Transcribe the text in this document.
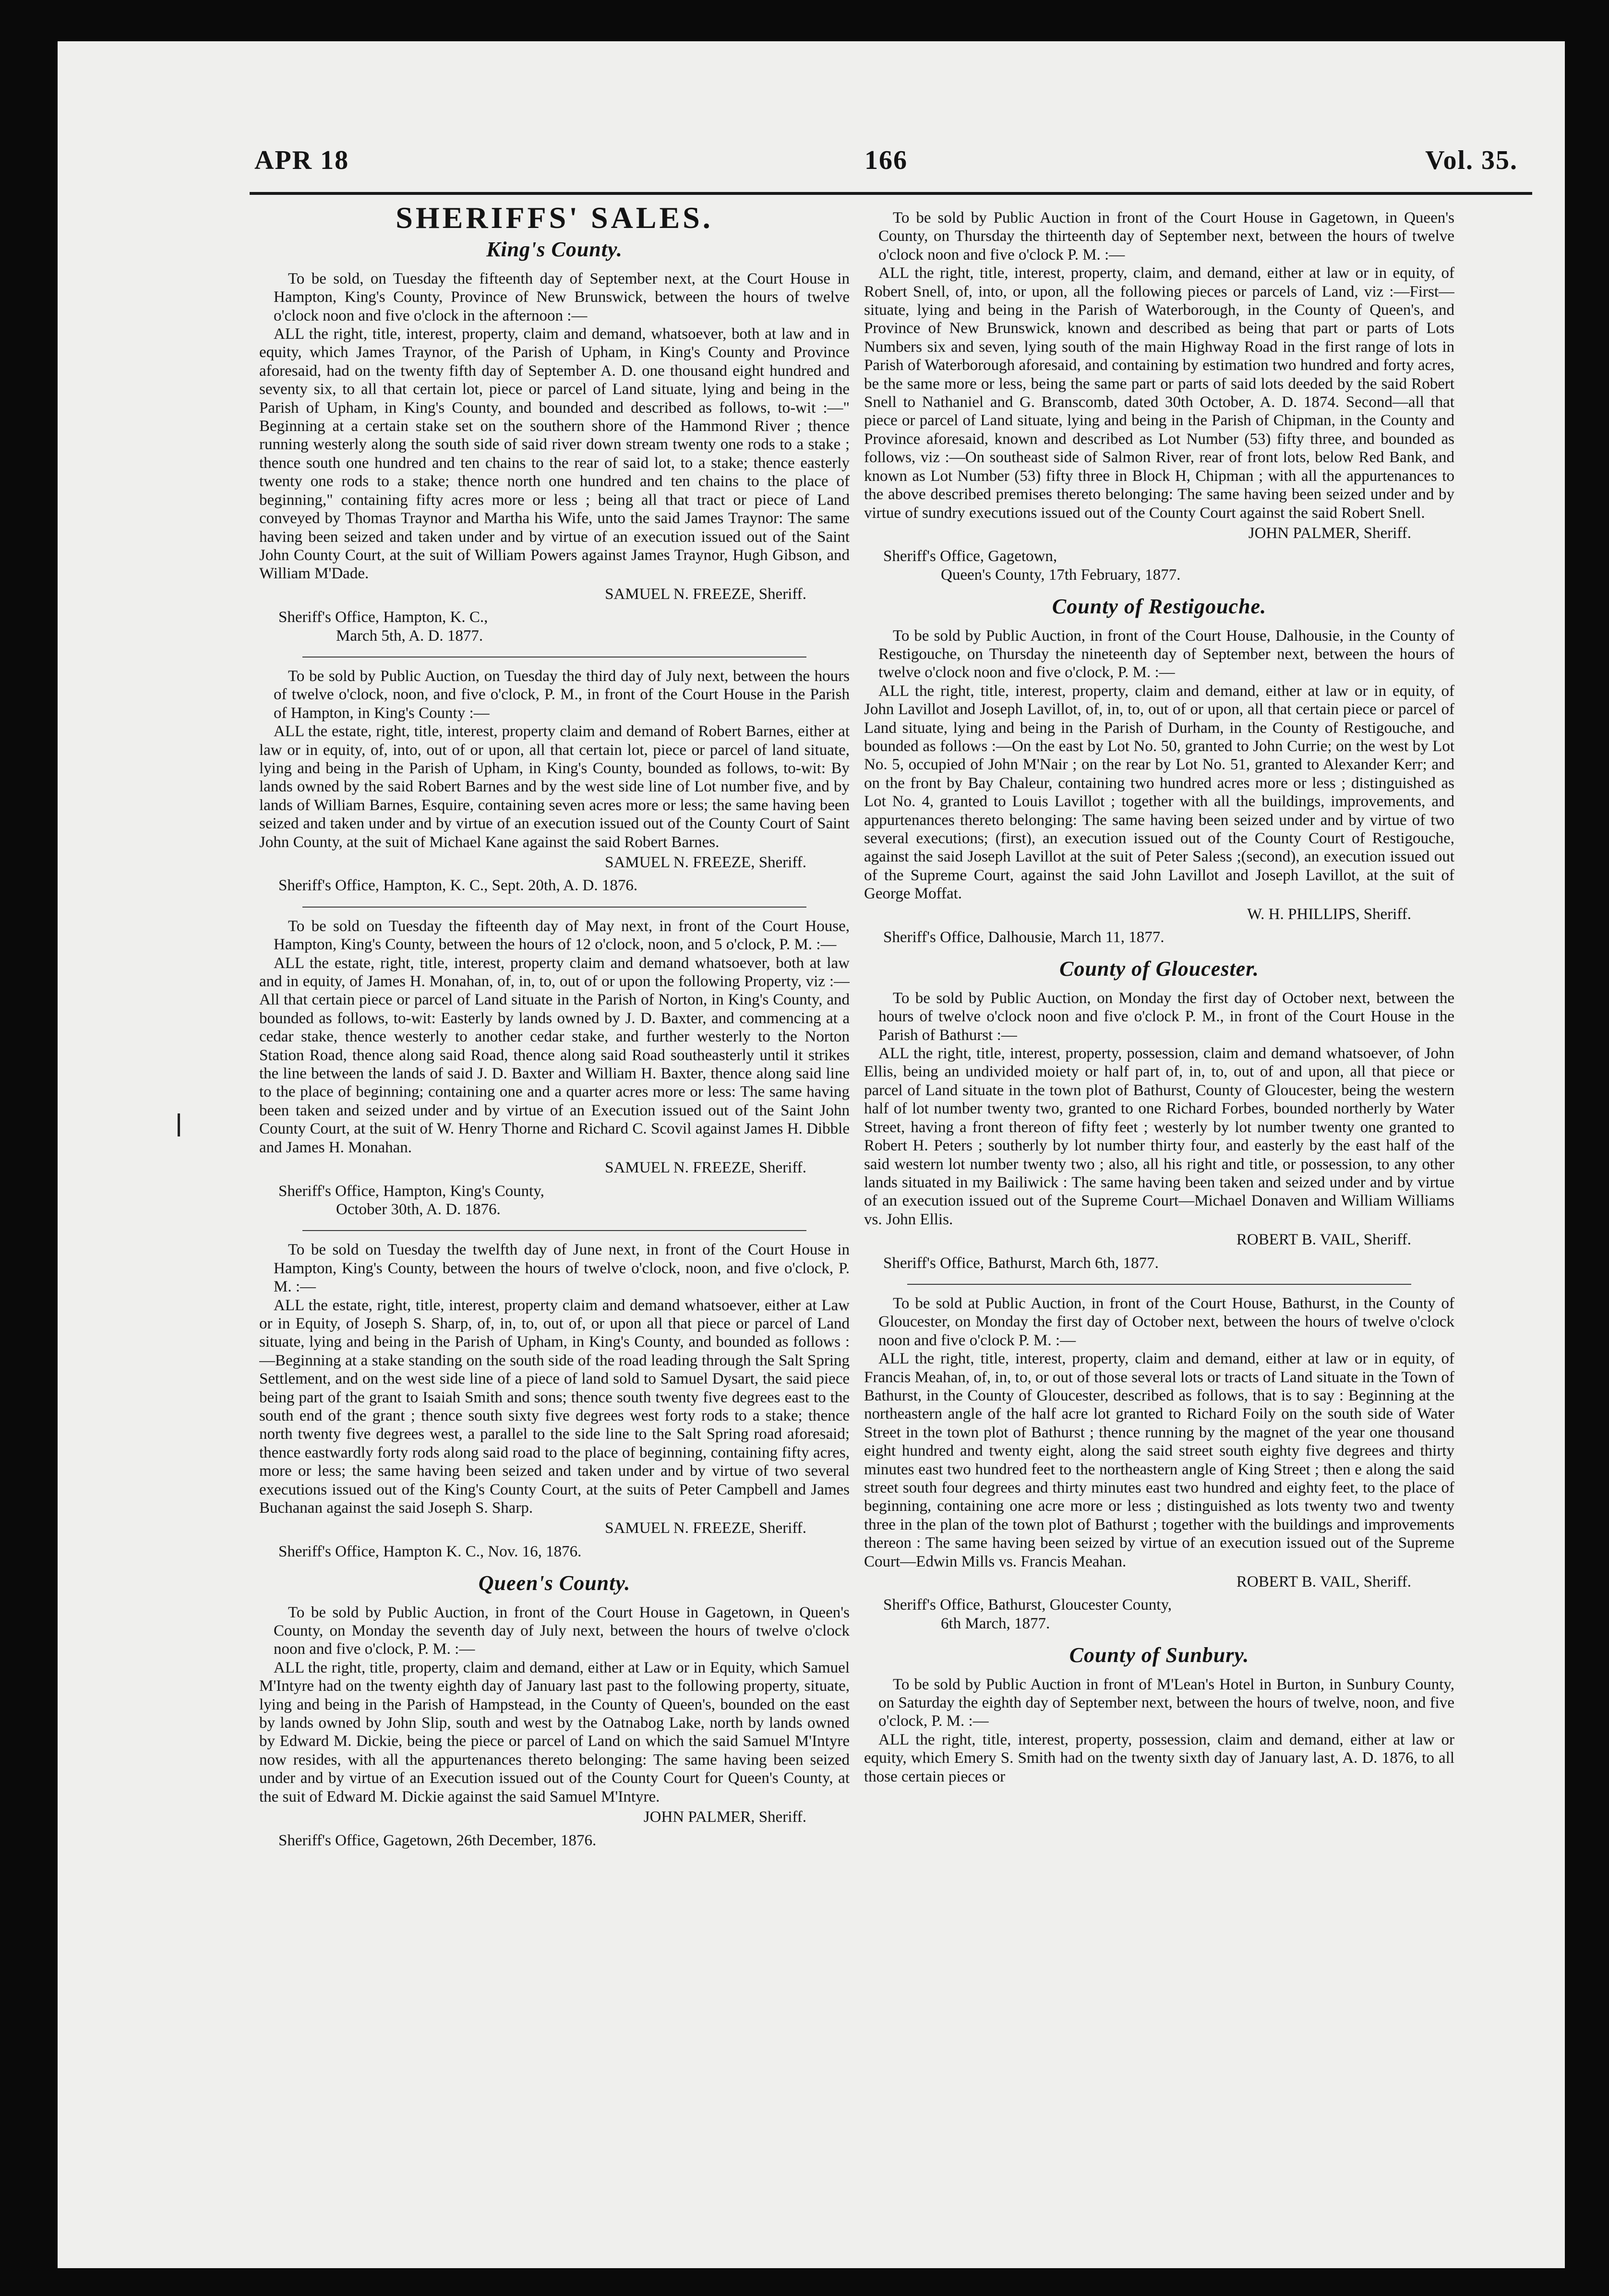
APR 18	166	Vol. 35.
SHERIFFS' SALES.
King's County.

To be sold, on Tuesday the fifteenth day of September next, at the Court House in Hampton, King's County, Province of New Brunswick, between the hours of twelve o'clock noon and five o'clock in the afternoon :—

ALL the right, title, interest, property, claim and demand, whatsoever, both at law and in equity, which James Traynor, of the Parish of Upham, in King's County and Province aforesaid, had on the twenty fifth day of September A. D. one thousand eight hundred and seventy six, to all that certain lot, piece or parcel of Land situate, lying and being in the Parish of Upham, in King's County, and bounded and described as follows, to-wit :—" Beginning at a certain stake set on the southern shore of the Hammond River ; thence running westerly along the south side of said river down stream twenty one rods to a stake ; thence south one hundred and ten chains to the rear of said lot, to a stake; thence easterly twenty one rods to a stake; thence north one hundred and ten chains to the place of beginning," containing fifty acres more or less ; being all that tract or piece of Land conveyed by Thomas Traynor and Martha his Wife, unto the said James Traynor: The same having been seized and taken under and by virtue of an execution issued out of the Saint John County Court, at the suit of William Powers against James Traynor, Hugh Gibson, and William M'Dade.

SAMUEL N. FREEZE, Sheriff.

Sheriff's Office, Hampton, K. C.,

March 5th, A. D. 1877.

To be sold by Public Auction, on Tuesday the third day of July next, between the hours of twelve o'clock, noon, and five o'clock, P. M., in front of the Court House in the Parish of Hampton, in King's County :—

ALL the estate, right, title, interest, property claim and demand of Robert Barnes, either at law or in equity, of, into, out of or upon, all that certain lot, piece or parcel of land situate, lying and being in the Parish of Upham, in King's County, bounded as follows, to-wit: By lands owned by the said Robert Barnes and by the west side line of Lot number five, and by lands of William Barnes, Esquire, containing seven acres more or less; the same having been seized and taken under and by virtue of an execution issued out of the County Court of Saint John County, at the suit of Michael Kane against the said Robert Barnes.

SAMUEL N. FREEZE, Sheriff.

Sheriff's Office, Hampton, K. C., Sept. 20th, A. D. 1876.

To be sold on Tuesday the fifteenth day of May next, in front of the Court House, Hampton, King's County, between the hours of 12 o'clock, noon, and 5 o'clock, P. M. :—

ALL the estate, right, title, interest, property claim and demand whatsoever, both at law and in equity, of James H. Monahan, of, in, to, out of or upon the following Property, viz :—All that certain piece or parcel of Land situate in the Parish of Norton, in King's County, and bounded as follows, to-wit: Easterly by lands owned by J. D. Baxter, and commencing at a cedar stake, thence westerly to another cedar stake, and further westerly to the Norton Station Road, thence along said Road, thence along said Road southeasterly until it strikes the line between the lands of said J. D. Baxter and William H. Baxter, thence along said line to the place of beginning; containing one and a quarter acres more or less: The same having been taken and seized under and by virtue of an Execution issued out of the Saint John County Court, at the suit of W. Henry Thorne and Richard C. Scovil against James H. Dibble and James H. Monahan.

SAMUEL N. FREEZE, Sheriff.

Sheriff's Office, Hampton, King's County,

October 30th, A. D. 1876.

To be sold on Tuesday the twelfth day of June next, in front of the Court House in Hampton, King's County, between the hours of twelve o'clock, noon, and five o'clock, P. M. :—

ALL the estate, right, title, interest, property claim and demand whatsoever, either at Law or in Equity, of Joseph S. Sharp, of, in, to, out of, or upon all that piece or parcel of Land situate, lying and being in the Parish of Upham, in King's County, and bounded as follows :—Beginning at a stake standing on the south side of the road leading through the Salt Spring Settlement, and on the west side line of a piece of land sold to Samuel Dysart, the said piece being part of the grant to Isaiah Smith and sons; thence south twenty five degrees east to the south end of the grant ; thence south sixty five degrees west forty rods to a stake; thence north twenty five degrees west, a parallel to the side line to the Salt Spring road aforesaid; thence eastwardly forty rods along said road to the place of beginning, containing fifty acres, more or less; the same having been seized and taken under and by virtue of two several executions issued out of the King's County Court, at the suits of Peter Campbell and James Buchanan against the said Joseph S. Sharp.

SAMUEL N. FREEZE, Sheriff.

Sheriff's Office, Hampton K. C., Nov. 16, 1876.

Queen's County.

To be sold by Public Auction, in front of the Court House in Gagetown, in Queen's County, on Monday the seventh day of July next, between the hours of twelve o'clock noon and five o'clock, P. M. :—

ALL the right, title, property, claim and demand, either at Law or in Equity, which Samuel M'Intyre had on the twenty eighth day of January last past to the following property, situate, lying and being in the Parish of Hampstead, in the County of Queen's, bounded on the east by lands owned by John Slip, south and west by the Oatnabog Lake, north by lands owned by Edward M. Dickie, being the piece or parcel of Land on which the said Samuel M'Intyre now resides, with all the appurtenances thereto belonging: The same having been seized under and by virtue of an Execution issued out of the County Court for Queen's County, at the suit of Edward M. Dickie against the said Samuel M'Intyre.

JOHN PALMER, Sheriff.

Sheriff's Office, Gagetown, 26th December, 1876.

To be sold by Public Auction in front of the Court House in Gagetown, in Queen's County, on Thursday the thirteenth day of September next, between the hours of twelve o'clock noon and five o'clock P. M. :—

ALL the right, title, interest, property, claim, and demand, either at law or in equity, of Robert Snell, of, into, or upon, all the following pieces or parcels of Land, viz :—First—situate, lying and being in the Parish of Waterborough, in the County of Queen's, and Province of New Brunswick, known and described as being that part or parts of Lots Numbers six and seven, lying south of the main Highway Road in the first range of lots in Parish of Waterborough aforesaid, and containing by estimation two hundred and forty acres, be the same more or less, being the same part or parts of said lots deeded by the said Robert Snell to Nathaniel and G. Branscomb, dated 30th October, A. D. 1874. Second—all that piece or parcel of Land situate, lying and being in the Parish of Chipman, in the County and Province aforesaid, known and described as Lot Number (53) fifty three, and bounded as follows, viz :—On southeast side of Salmon River, rear of front lots, below Red Bank, and known as Lot Number (53) fifty three in Block H, Chipman ; with all the appurtenances to the above described premises thereto belonging: The same having been seized under and by virtue of sundry executions issued out of the County Court against the said Robert Snell.

JOHN PALMER, Sheriff.

Sheriff's Office, Gagetown,

Queen's County, 17th February, 1877.

County of Restigouche.

To be sold by Public Auction, in front of the Court House, Dalhousie, in the County of Restigouche, on Thursday the nineteenth day of September next, between the hours of twelve o'clock noon and five o'clock, P. M. :—

ALL the right, title, interest, property, claim and demand, either at law or in equity, of John Lavillot and Joseph Lavillot, of, in, to, out of or upon, all that certain piece or parcel of Land situate, lying and being in the Parish of Durham, in the County of Restigouche, and bounded as follows :—On the east by Lot No. 50, granted to John Currie; on the west by Lot No. 5, occupied of John M'Nair ; on the rear by Lot No. 51, granted to Alexander Kerr; and on the front by Bay Chaleur, containing two hundred acres more or less ; distinguished as Lot No. 4, granted to Louis Lavillot ; together with all the buildings, improvements, and appurtenances thereto belonging: The same having been seized under and by virtue of two several executions; (first), an execution issued out of the County Court of Restigouche, against the said Joseph Lavillot at the suit of Peter Saless ;(second), an execution issued out of the Supreme Court, against the said John Lavillot and Joseph Lavillot, at the suit of George Moffat.

W. H. PHILLIPS, Sheriff.

Sheriff's Office, Dalhousie, March 11, 1877.

County of Gloucester.

To be sold by Public Auction, on Monday the first day of October next, between the hours of twelve o'clock noon and five o'clock P. M., in front of the Court House in the Parish of Bathurst :—

ALL the right, title, interest, property, possession, claim and demand whatsoever, of John Ellis, being an undivided moiety or half part of, in, to, out of and upon, all that piece or parcel of Land situate in the town plot of Bathurst, County of Gloucester, being the western half of lot number twenty two, granted to one Richard Forbes, bounded northerly by Water Street, having a front thereon of fifty feet ; westerly by lot number twenty one granted to Robert H. Peters ; southerly by lot number thirty four, and easterly by the east half of the said western lot number twenty two ; also, all his right and title, or possession, to any other lands situated in my Bailiwick : The same having been taken and seized under and by virtue of an execution issued out of the Supreme Court—Michael Donaven and William Williams vs. John Ellis.

ROBERT B. VAIL, Sheriff.

Sheriff's Office, Bathurst, March 6th, 1877.

To be sold at Public Auction, in front of the Court House, Bathurst, in the County of Gloucester, on Monday the first day of October next, between the hours of twelve o'clock noon and five o'clock P. M. :—

ALL the right, title, interest, property, claim and demand, either at law or in equity, of Francis Meahan, of, in, to, or out of those several lots or tracts of Land situate in the Town of Bathurst, in the County of Gloucester, described as follows, that is to say : Beginning at the northeastern angle of the half acre lot granted to Richard Foily on the south side of Water Street in the town plot of Bathurst ; thence running by the magnet of the year one thousand eight hundred and twenty eight, along the said street south eighty five degrees and thirty minutes east two hundred feet to the northeastern angle of King Street ; then e along the said street south four degrees and thirty minutes east two hundred and eighty feet, to the place of beginning, containing one acre more or less ; distinguished as lots twenty two and twenty three in the plan of the town plot of Bathurst ; together with the buildings and improvements thereon : The same having been seized by virtue of an execution issued out of the Supreme Court—Edwin Mills vs. Francis Meahan.

ROBERT B. VAIL, Sheriff.

Sheriff's Office, Bathurst, Gloucester County,

6th March, 1877.

County of Sunbury.

To be sold by Public Auction in front of M'Lean's Hotel in Burton, in Sunbury County, on Saturday the eighth day of September next, between the hours of twelve, noon, and five o'clock, P. M. :—

ALL the right, title, interest, property, possession, claim and demand, either at law or equity, which Emery S. Smith had on the twenty sixth day of January last, A. D. 1876, to all those certain pieces or
